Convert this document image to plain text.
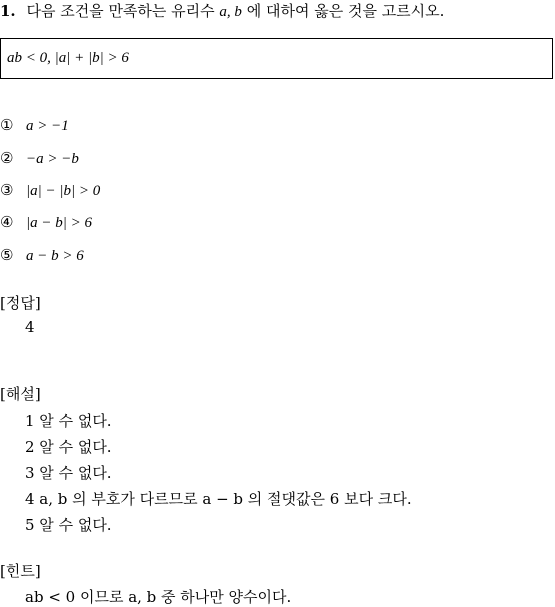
1. 다음 조건을 만족하는 유리수 a, b 에 대하여 옳은 것을 고르시오.
ab < 0, |a| + |b| > 6
① a > −1
② −a > −b
③ |a| − |b| > 0
④ |a − b| > 6
⑤ a − b > 6
[정답]
4
[해설]
1 알 수 없다.
2 알 수 없다.
3 알 수 없다.
4 a, b 의 부호가 다르므로 a − b 의 절댓값은 6 보다 크다.
5 알 수 없다.
[힌트]
ab < 0 이므로 a, b 중 하나만 양수이다.
